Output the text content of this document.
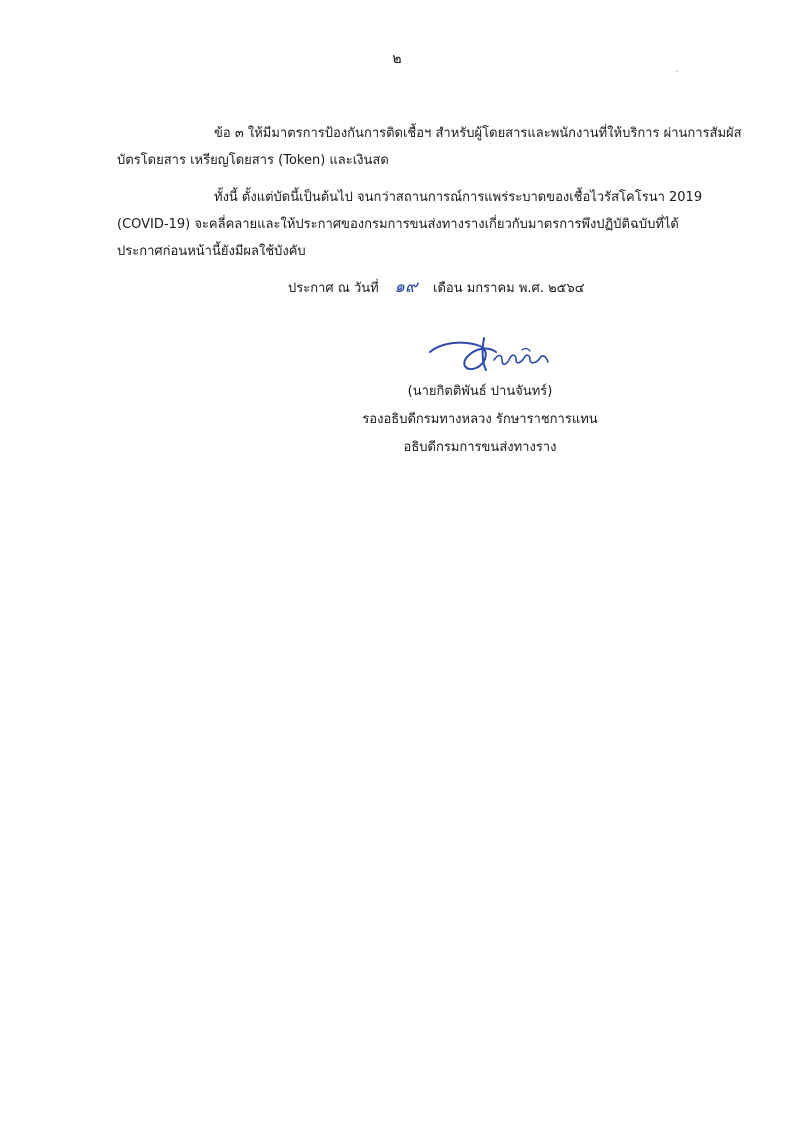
๒
ข้อ ๓ ให้มีมาตรการป้องกันการติดเชื้อฯ สำหรับผู้โดยสารและพนักงานที่ให้บริการ ผ่านการสัมผัส
บัตรโดยสาร เหรียญโดยสาร (Token) และเงินสด
ทั้งนี้ ตั้งแต่บัดนี้เป็นต้นไป จนกว่าสถานการณ์การแพร่ระบาดของเชื้อไวรัสโคโรนา 2019
(COVID-19) จะคลี่คลายและให้ประกาศของกรมการขนส่งทางรางเกี่ยวกับมาตรการพึงปฏิบัติฉบับที่ได้
ประกาศก่อนหน้านี้ยังมีผลใช้บังคับ
ประกาศ ณ วันที่ ๑๙ เดือน มกราคม พ.ศ. ๒๕๖๔
(นายกิตติพันธ์ ปานจันทร์)
รองอธิบดีกรมทางหลวง รักษาราชการแทน
อธิบดีกรมการขนส่งทางราง
